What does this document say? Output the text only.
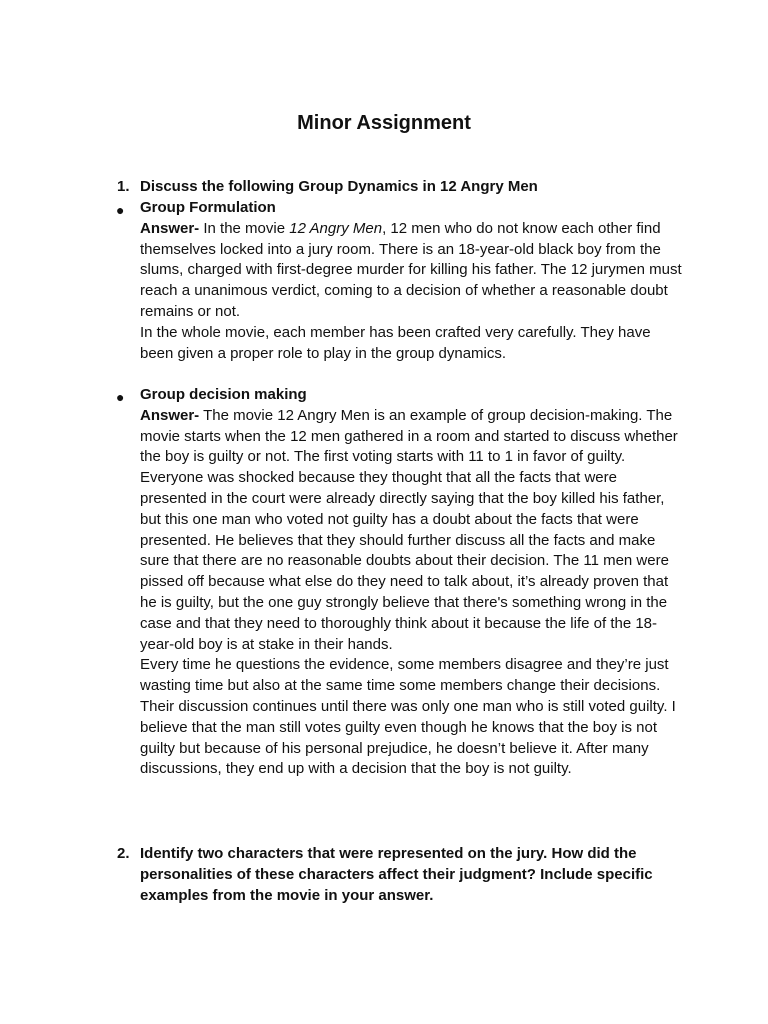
Minor Assignment
1. Discuss the following Group Dynamics in 12 Angry Men
● Group Formulation

Answer- In the movie 12 Angry Men, 12 men who do not know each other find themselves locked into a jury room. There is an 18-year-old black boy from the slums, charged with first-degree murder for killing his father. The 12 jurymen must reach a unanimous verdict, coming to a decision of whether a reasonable doubt remains or not.

In the whole movie, each member has been crafted very carefully. They have been given a proper role to play in the group dynamics.

● Group decision making

Answer- The movie 12 Angry Men is an example of group decision-making. The movie starts when the 12 men gathered in a room and started to discuss whether the boy is guilty or not. The first voting starts with 11 to 1 in favor of guilty. Everyone was shocked because they thought that all the facts that were presented in the court were already directly saying that the boy killed his father, but this one man who voted not guilty has a doubt about the facts that were presented. He believes that they should further discuss all the facts and make sure that there are no reasonable doubts about their decision. The 11 men were pissed off because what else do they need to talk about, it’s already proven that he is guilty, but the one guy strongly believe that there's something wrong in the case and that they need to thoroughly think about it because the life of the 18-year-old boy is at stake in their hands.

Every time he questions the evidence, some members disagree and they’re just wasting time but also at the same time some members change their decisions. Their discussion continues until there was only one man who is still voted guilty. I believe that the man still votes guilty even though he knows that the boy is not guilty but because of his personal prejudice, he doesn’t believe it. After many discussions, they end up with a decision that the boy is not guilty.

2. Identify two characters that were represented on the jury. How did the personalities of these characters affect their judgment? Include specific examples from the movie in your answer.
